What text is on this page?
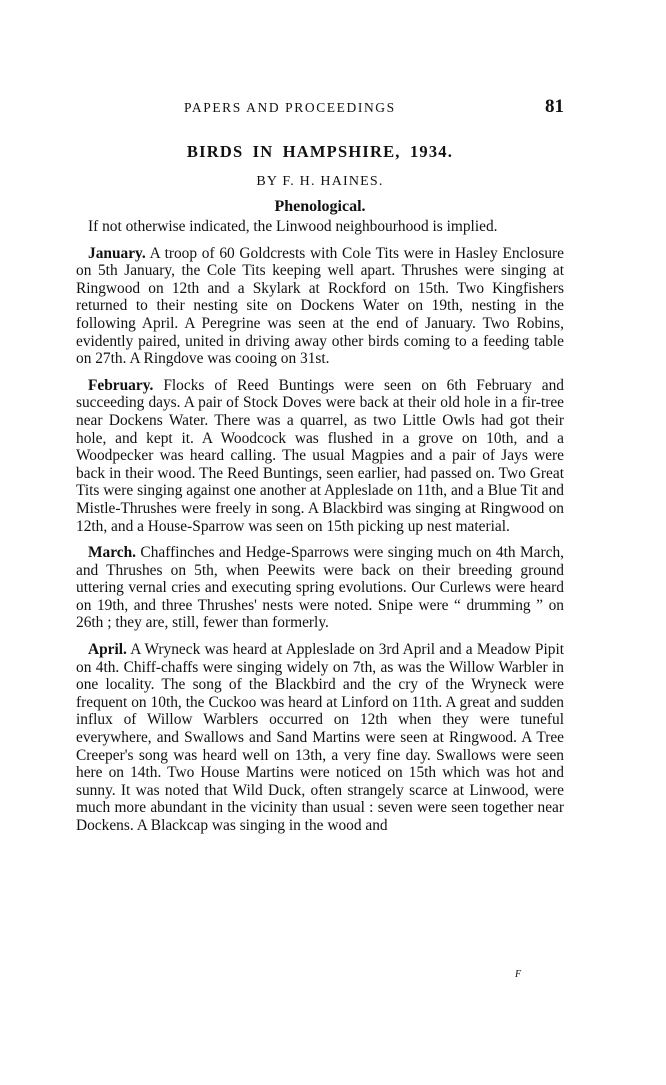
PAPERS AND PROCEEDINGS	81
BIRDS IN HAMPSHIRE, 1934.
BY F. H. HAINES.
Phenological.

If not otherwise indicated, the Linwood neighbourhood is implied.

January. A troop of 60 Goldcrests with Cole Tits were in Hasley Enclosure on 5th January, the Cole Tits keeping well apart. Thrushes were singing at Ringwood on 12th and a Skylark at Rockford on 15th. Two Kingfishers returned to their nesting site on Dockens Water on 19th, nesting in the following April. A Peregrine was seen at the end of January. Two Robins, evidently paired, united in driving away other birds coming to a feeding table on 27th. A Ringdove was cooing on 31st.

February. Flocks of Reed Buntings were seen on 6th February and succeeding days. A pair of Stock Doves were back at their old hole in a fir-tree near Dockens Water. There was a quarrel, as two Little Owls had got their hole, and kept it. A Woodcock was flushed in a grove on 10th, and a Woodpecker was heard calling. The usual Magpies and a pair of Jays were back in their wood. The Reed Buntings, seen earlier, had passed on. Two Great Tits were singing against one another at Appleslade on 11th, and a Blue Tit and Mistle-Thrushes were freely in song. A Blackbird was singing at Ringwood on 12th, and a House-Sparrow was seen on 15th picking up nest material.

March. Chaffinches and Hedge-Sparrows were singing much on 4th March, and Thrushes on 5th, when Peewits were back on their breeding ground uttering vernal cries and executing spring evolutions. Our Curlews were heard on 19th, and three Thrushes' nests were noted. Snipe were “ drumming ” on 26th ; they are, still, fewer than formerly.

April. A Wryneck was heard at Appleslade on 3rd April and a Meadow Pipit on 4th. Chiff-chaffs were singing widely on 7th, as was the Willow Warbler in one locality. The song of the Blackbird and the cry of the Wryneck were frequent on 10th, the Cuckoo was heard at Linford on 11th. A great and sudden influx of Willow Warblers occurred on 12th when they were tuneful everywhere, and Swallows and Sand Martins were seen at Ringwood. A Tree Creeper's song was heard well on 13th, a very fine day. Swallows were seen here on 14th. Two House Martins were noticed on 15th which was hot and sunny. It was noted that Wild Duck, often strangely scarce at Linwood, were much more abundant in the vicinity than usual : seven were seen together near Dockens. A Blackcap was singing in the wood and

F
